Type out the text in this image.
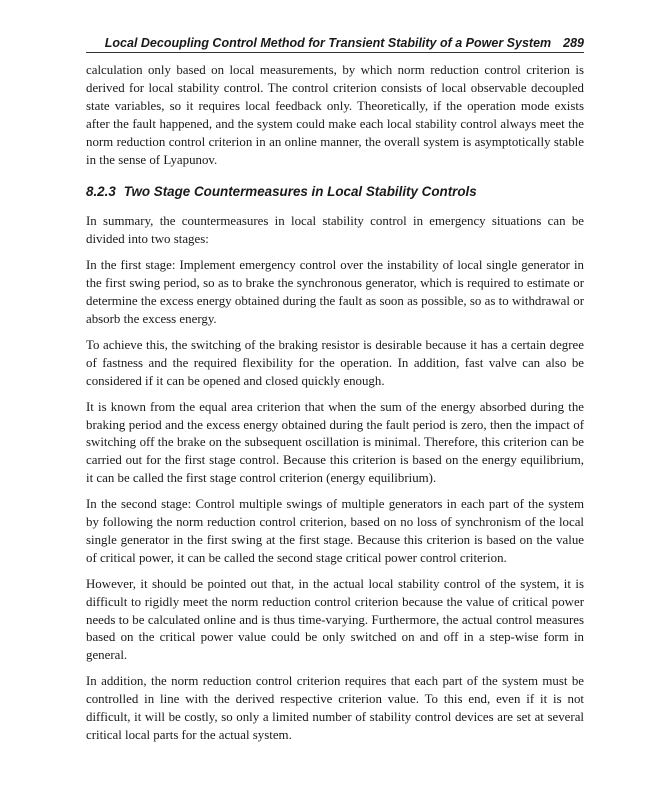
Local Decoupling Control Method for Transient Stability of a Power System 289

calculation only based on local measurements, by which norm reduction control criterion is derived for local stability control. The control criterion consists of local observable decoupled state variables, so it requires local feedback only. Theoretically, if the operation mode exists after the fault happened, and the system could make each local stability control always meet the norm reduction control criterion in an online manner, the overall system is asymptotically stable in the sense of Lyapunov.

8.2.3 Two Stage Countermeasures in Local Stability Controls

In summary, the countermeasures in local stability control in emergency situations can be divided into two stages:

In the first stage: Implement emergency control over the instability of local single generator in the first swing period, so as to brake the synchronous generator, which is required to estimate or determine the excess energy obtained during the fault as soon as possible, so as to withdrawal or absorb the excess energy.

To achieve this, the switching of the braking resistor is desirable because it has a certain degree of fastness and the required flexibility for the operation. In addition, fast valve can also be considered if it can be opened and closed quickly enough.

It is known from the equal area criterion that when the sum of the energy absorbed during the braking period and the excess energy obtained during the fault period is zero, then the impact of switching off the brake on the subsequent oscillation is minimal. Therefore, this criterion can be carried out for the first stage control. Because this criterion is based on the energy equilibrium, it can be called the first stage control criterion (energy equilibrium).

In the second stage: Control multiple swings of multiple generators in each part of the system by following the norm reduction control criterion, based on no loss of synchronism of the local single generator in the first swing at the first stage. Because this criterion is based on the value of critical power, it can be called the second stage critical power control criterion.

However, it should be pointed out that, in the actual local stability control of the system, it is difficult to rigidly meet the norm reduction control criterion because the value of critical power needs to be calculated online and is thus time-varying. Furthermore, the actual control measures based on the critical power value could be only switched on and off in a step-wise form in general.

In addition, the norm reduction control criterion requires that each part of the system must be controlled in line with the derived respective criterion value. To this end, even if it is not difficult, it will be costly, so only a limited number of stability control devices are set at several critical local parts for the actual system.
